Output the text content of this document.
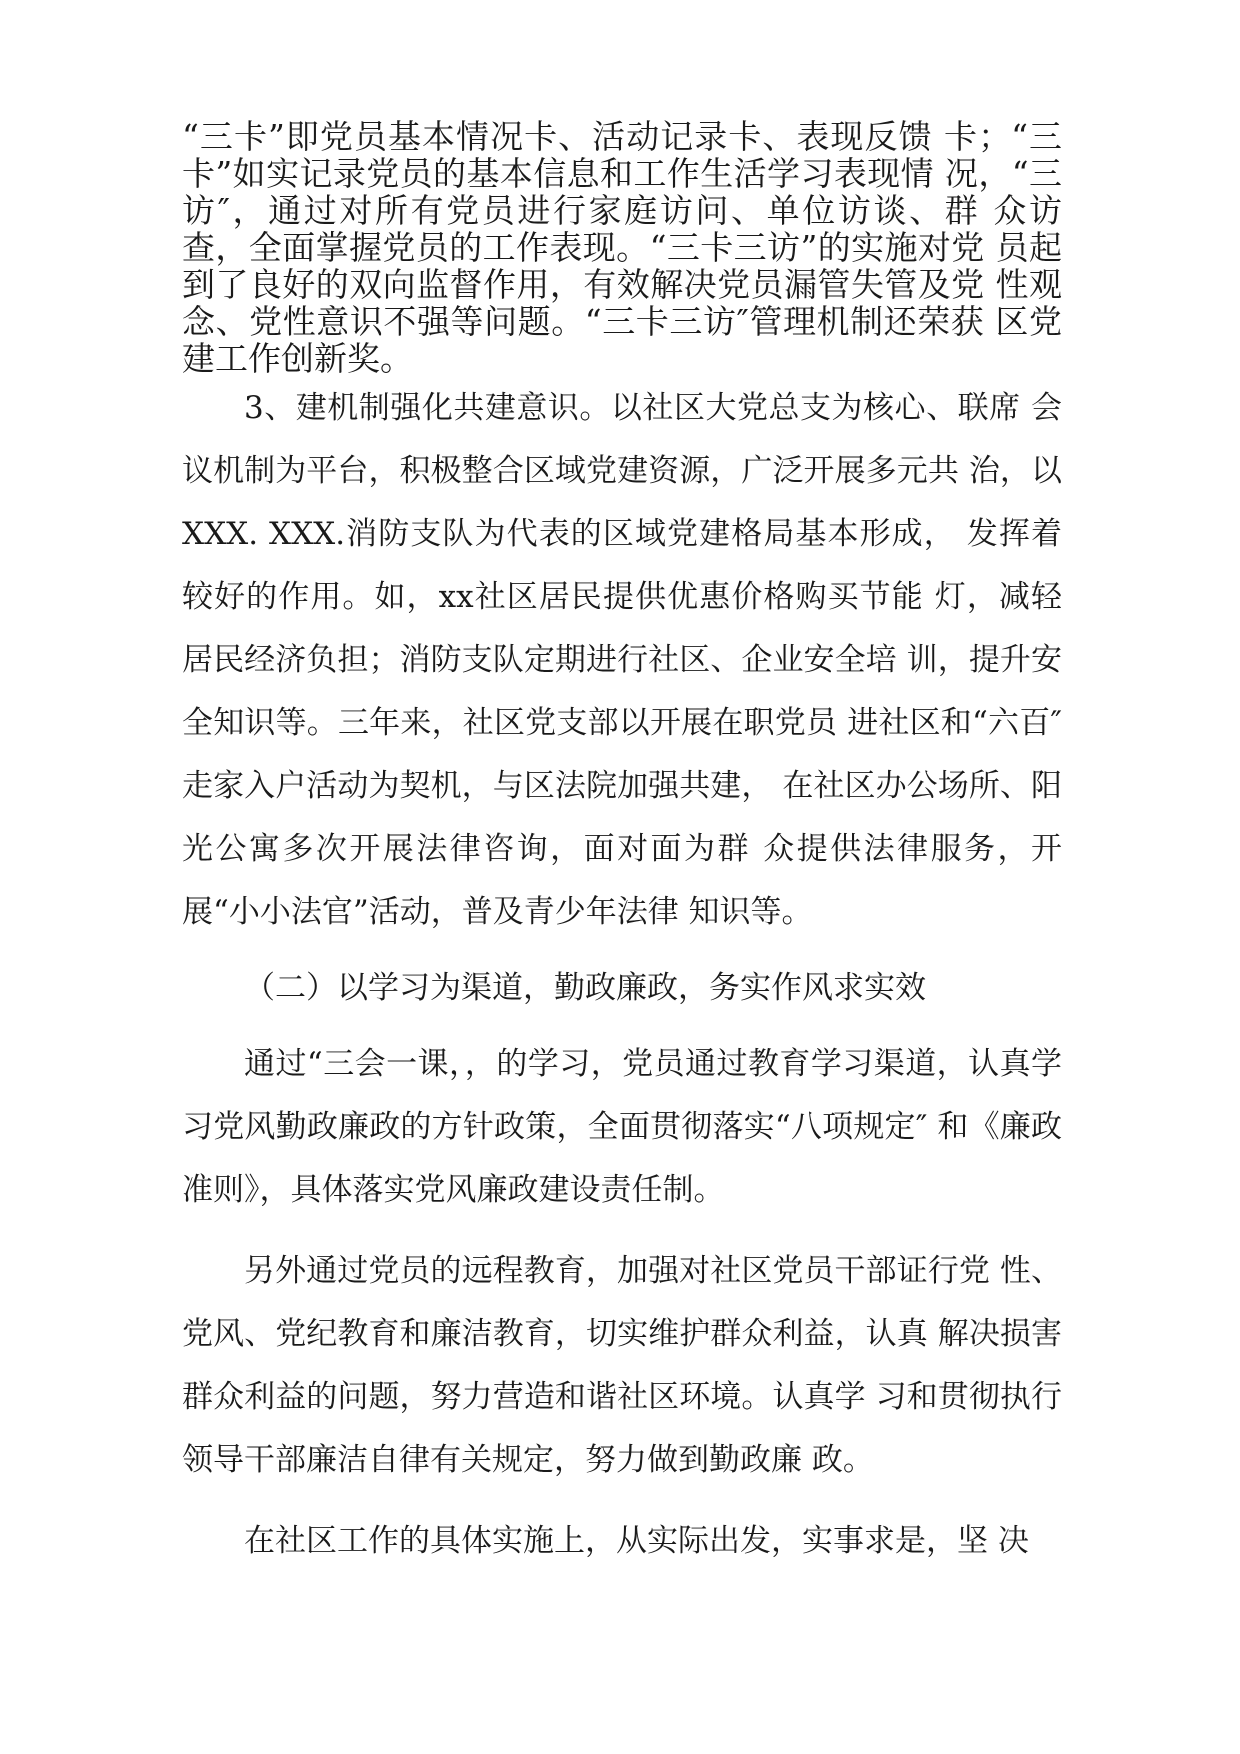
“三卡”即党员基本情况卡、活动记录卡、表现反馈 卡；“三卡”如实记录党员的基本信息和工作生活学习表现情 况，“三访″，通过对所有党员进行家庭访问、单位访谈、群 众访查，全面掌握党员的工作表现。“三卡三访”的实施对党 员起到了良好的双向监督作用，有效解决党员漏管失管及党 性观念、党性意识不强等问题。“三卡三访″管理机制还荣获 区党建工作创新奖。

3、建机制强化共建意识。以社区大党总支为核心、联席 会议机制为平台，积极整合区域党建资源，广泛开展多元共 治，以XXX. XXX.消防支队为代表的区域党建格局基本形成， 发挥着较好的作用。如，xx社区居民提供优惠价格购买节能 灯，减轻居民经济负担；消防支队定期进行社区、企业安全培 训，提升安全知识等。三年来，社区党支部以开展在职党员 进社区和“六百″走家入户活动为契机，与区法院加强共建， 在社区办公场所、阳光公寓多次开展法律咨询，面对面为群 众提供法律服务，开展“小小法官”活动，普及青少年法律 知识等。

（二）以学习为渠道，勤政廉政，务实作风求实效

通过“三会一课，，的学习，党员通过教育学习渠道，认真学习党风勤政廉政的方针政策，全面贯彻落实“八项规定″ 和《廉政准则》，具体落实党风廉政建设责任制。

另外通过党员的远程教育，加强对社区党员干部证行党 性、党风、党纪教育和廉洁教育，切实维护群众利益，认真 解决损害群众利益的问题，努力营造和谐社区环境。认真学 习和贯彻执行领导干部廉洁自律有关规定，努力做到勤政廉 政。

在社区工作的具体实施上，从实际出发，实事求是，坚 决
